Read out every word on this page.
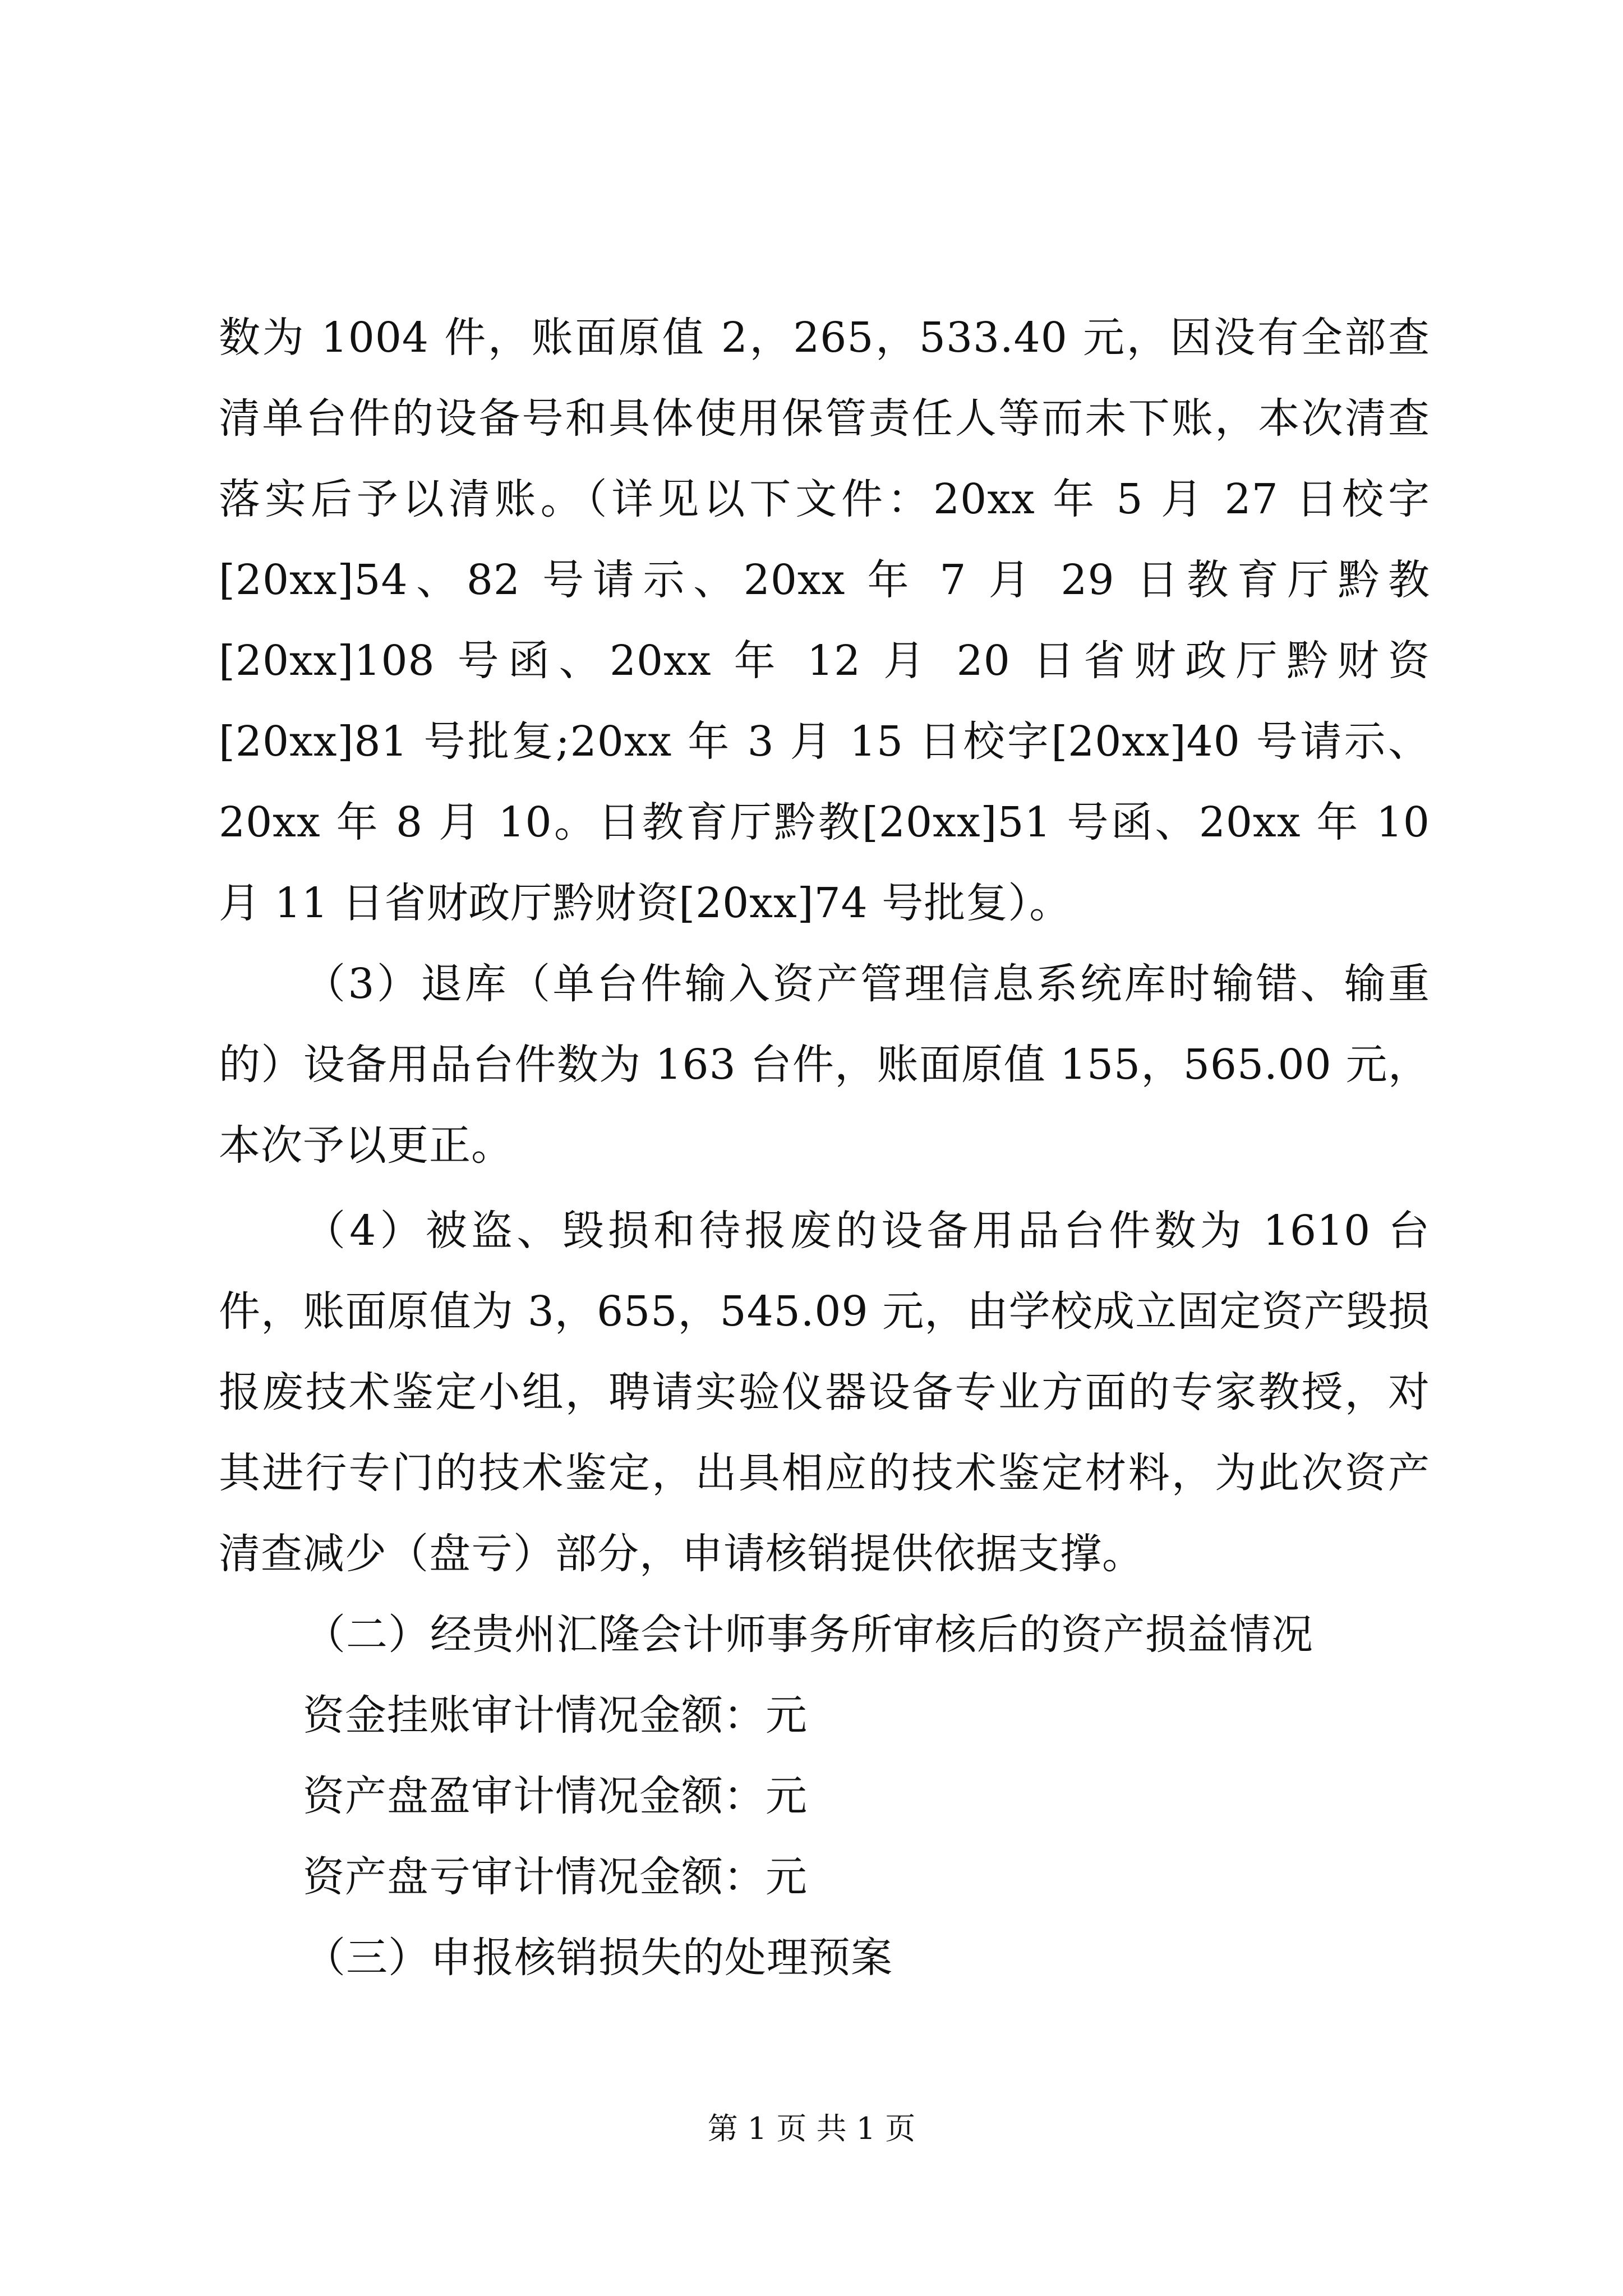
数为 1004 件，账面原值 2，265，533.40 元，因没有全部查清单台件的设备号和具体使用保管责任人等而未下账，本次清查落实后予以清账。（详见以下文件：20xx 年 5 月 27 日校字[20xx]54、82 号请示、20xx 年 7 月 29 日教育厅黔教[20xx]108 号函、20xx 年 12 月 20 日省财政厅黔财资[20xx]81 号批复;20xx 年 3 月 15 日校字[20xx]40 号请示、20xx 年 8 月 10。日教育厅黔教[20xx]51 号函、20xx 年 10 月 11 日省财政厅黔财资[20xx]74 号批复）。

（3）退库（单台件输入资产管理信息系统库时输错、输重的）设备用品台件数为 163 台件，账面原值 155，565.00 元，本次予以更正。

（4）被盗、毁损和待报废的设备用品台件数为 1610 台件，账面原值为 3，655，545.09 元，由学校成立固定资产毁损报废技术鉴定小组，聘请实验仪器设备专业方面的专家教授，对其进行专门的技术鉴定，出具相应的技术鉴定材料，为此次资产清查减少（盘亏）部分，申请核销提供依据支撑。

（二）经贵州汇隆会计师事务所审核后的资产损益情况

资金挂账审计情况金额：元

资产盘盈审计情况金额：元

资产盘亏审计情况金额：元

（三）申报核销损失的处理预案

第 1 页 共 1 页
